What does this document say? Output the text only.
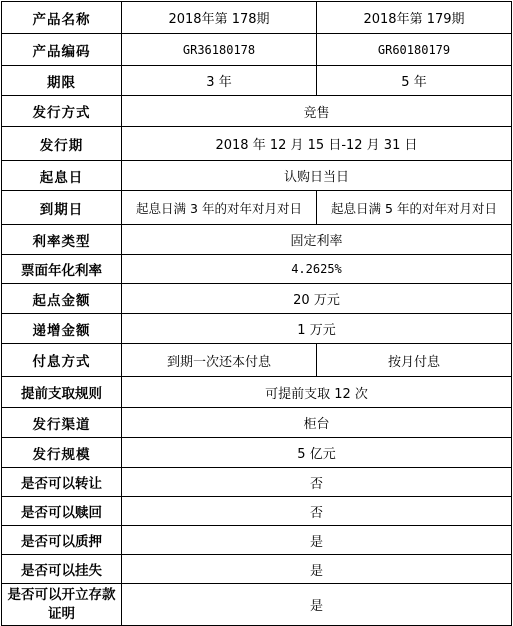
产品名称	2018年第 178期	2018年第 179期
产品编码	GR36180178	GR60180179
期限	3 年	5 年
发行方式	竞售	
发行期	2018 年 12 月 15 日-12 月 31 日	
起息日	认购日当日	
到期日	起息日满 3 年的对年对月对日	起息日满 5 年的对年对月对日
利率类型	固定利率	
票面年化利率	4.2625%	
起点金额	20 万元	
递增金额	1 万元	
付息方式	到期一次还本付息	按月付息
提前支取规则	可提前支取 12 次	
发行渠道	柜台	
发行规模	5 亿元	
是否可以转让	否	
是否可以赎回	否	
是否可以质押	是	
是否可以挂失	是	
是否可以开立存款证明	是	
